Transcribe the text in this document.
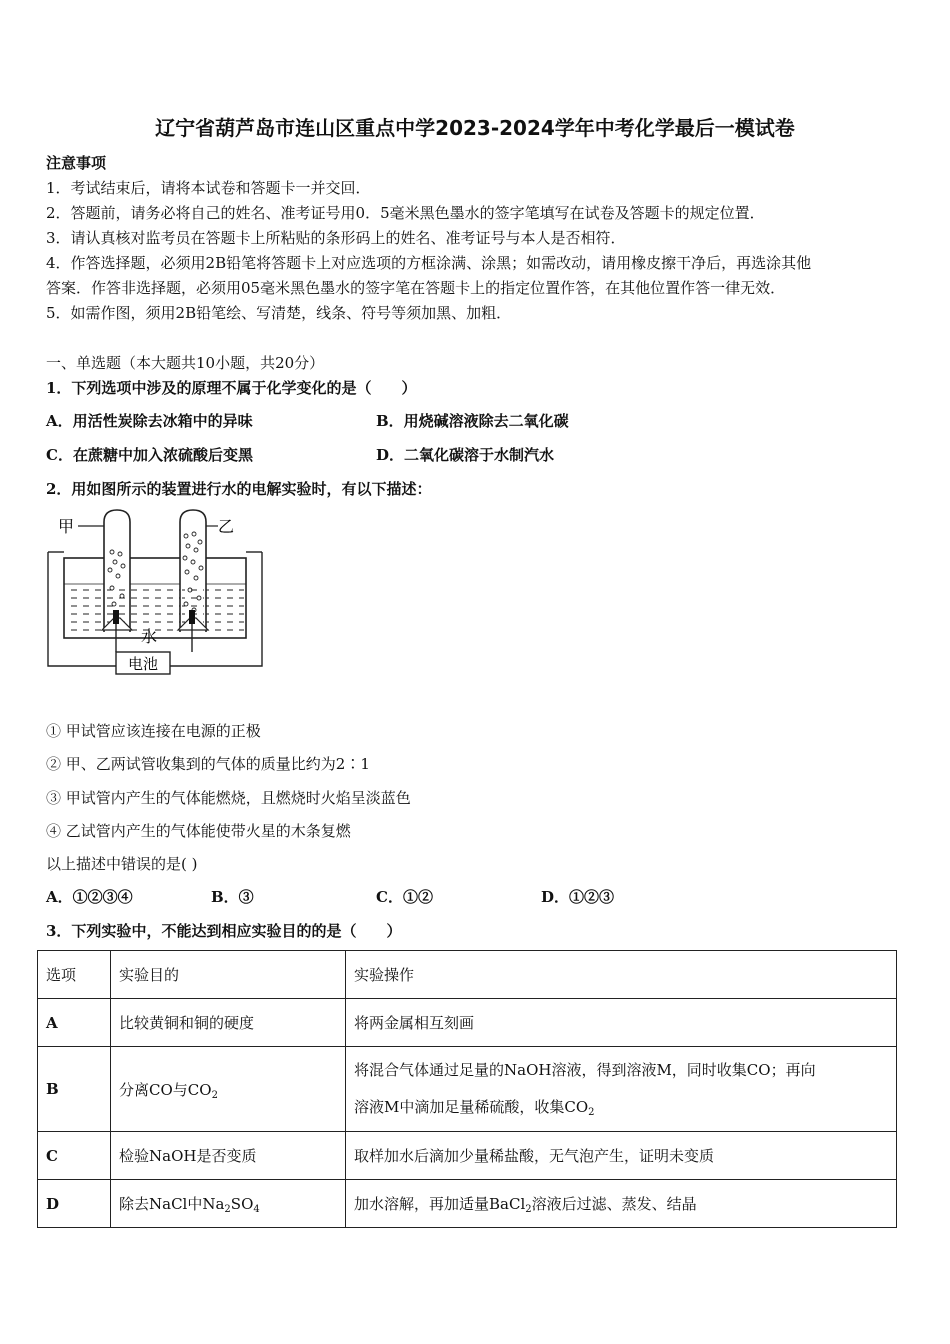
辽宁省葫芦岛市连山区重点中学2023-2024学年中考化学最后一模试卷
注意事项
1．考试结束后，请将本试卷和答题卡一并交回．
2．答题前，请务必将自己的姓名、准考证号用0．5毫米黑色墨水的签字笔填写在试卷及答题卡的规定位置．
3．请认真核对监考员在答题卡上所粘贴的条形码上的姓名、准考证号与本人是否相符．
4．作答选择题，必须用2B铅笔将答题卡上对应选项的方框涂满、涂黑；如需改动，请用橡皮擦干净后，再选涂其他
答案．作答非选择题，必须用05毫米黑色墨水的签字笔在答题卡上的指定位置作答，在其他位置作答一律无效．
5．如需作图，须用2B铅笔绘、写清楚，线条、符号等须加黑、加粗．
一、单选题（本大题共10小题，共20分）
1．下列选项中涉及的原理不属于化学变化的是（　　）
A．用活性炭除去冰箱中的异味	B．用烧碱溶液除去二氧化碳
C．在蔗糖中加入浓硫酸后变黑	D．二氧化碳溶于水制汽水
2．用如图所示的装置进行水的电解实验时，有以下描述：
电池
甲	乙
水
① 甲试管应该连接在电源的正极
② 甲、乙两试管收集到的气体的质量比约为2∶1
③ 甲试管内产生的气体能燃烧，且燃烧时火焰呈淡蓝色
④ 乙试管内产生的气体能使带火星的木条复燃
以上描述中错误的是( )
A．①②③④	B．③	C．①②	D．①②③
3．下列实验中，不能达到相应实验目的的是（　　）
选项	实验目的	实验操作
A	比较黄铜和铜的硬度	将两金属相互刻画
B	分离CO与$CO_2$	将混合气体通过足量的NaOH溶液，得到溶液M，同时收集CO；再向
溶液M中滴加足量稀硫酸，收集$CO_2$
C	检验NaOH是否变质	取样加水后滴加少量稀盐酸，无气泡产生，证明未变质
D	除去NaCl中$Na_2SO_4$	加水溶解，再加适量BaCl$_2$溶液后过滤、蒸发、结晶
